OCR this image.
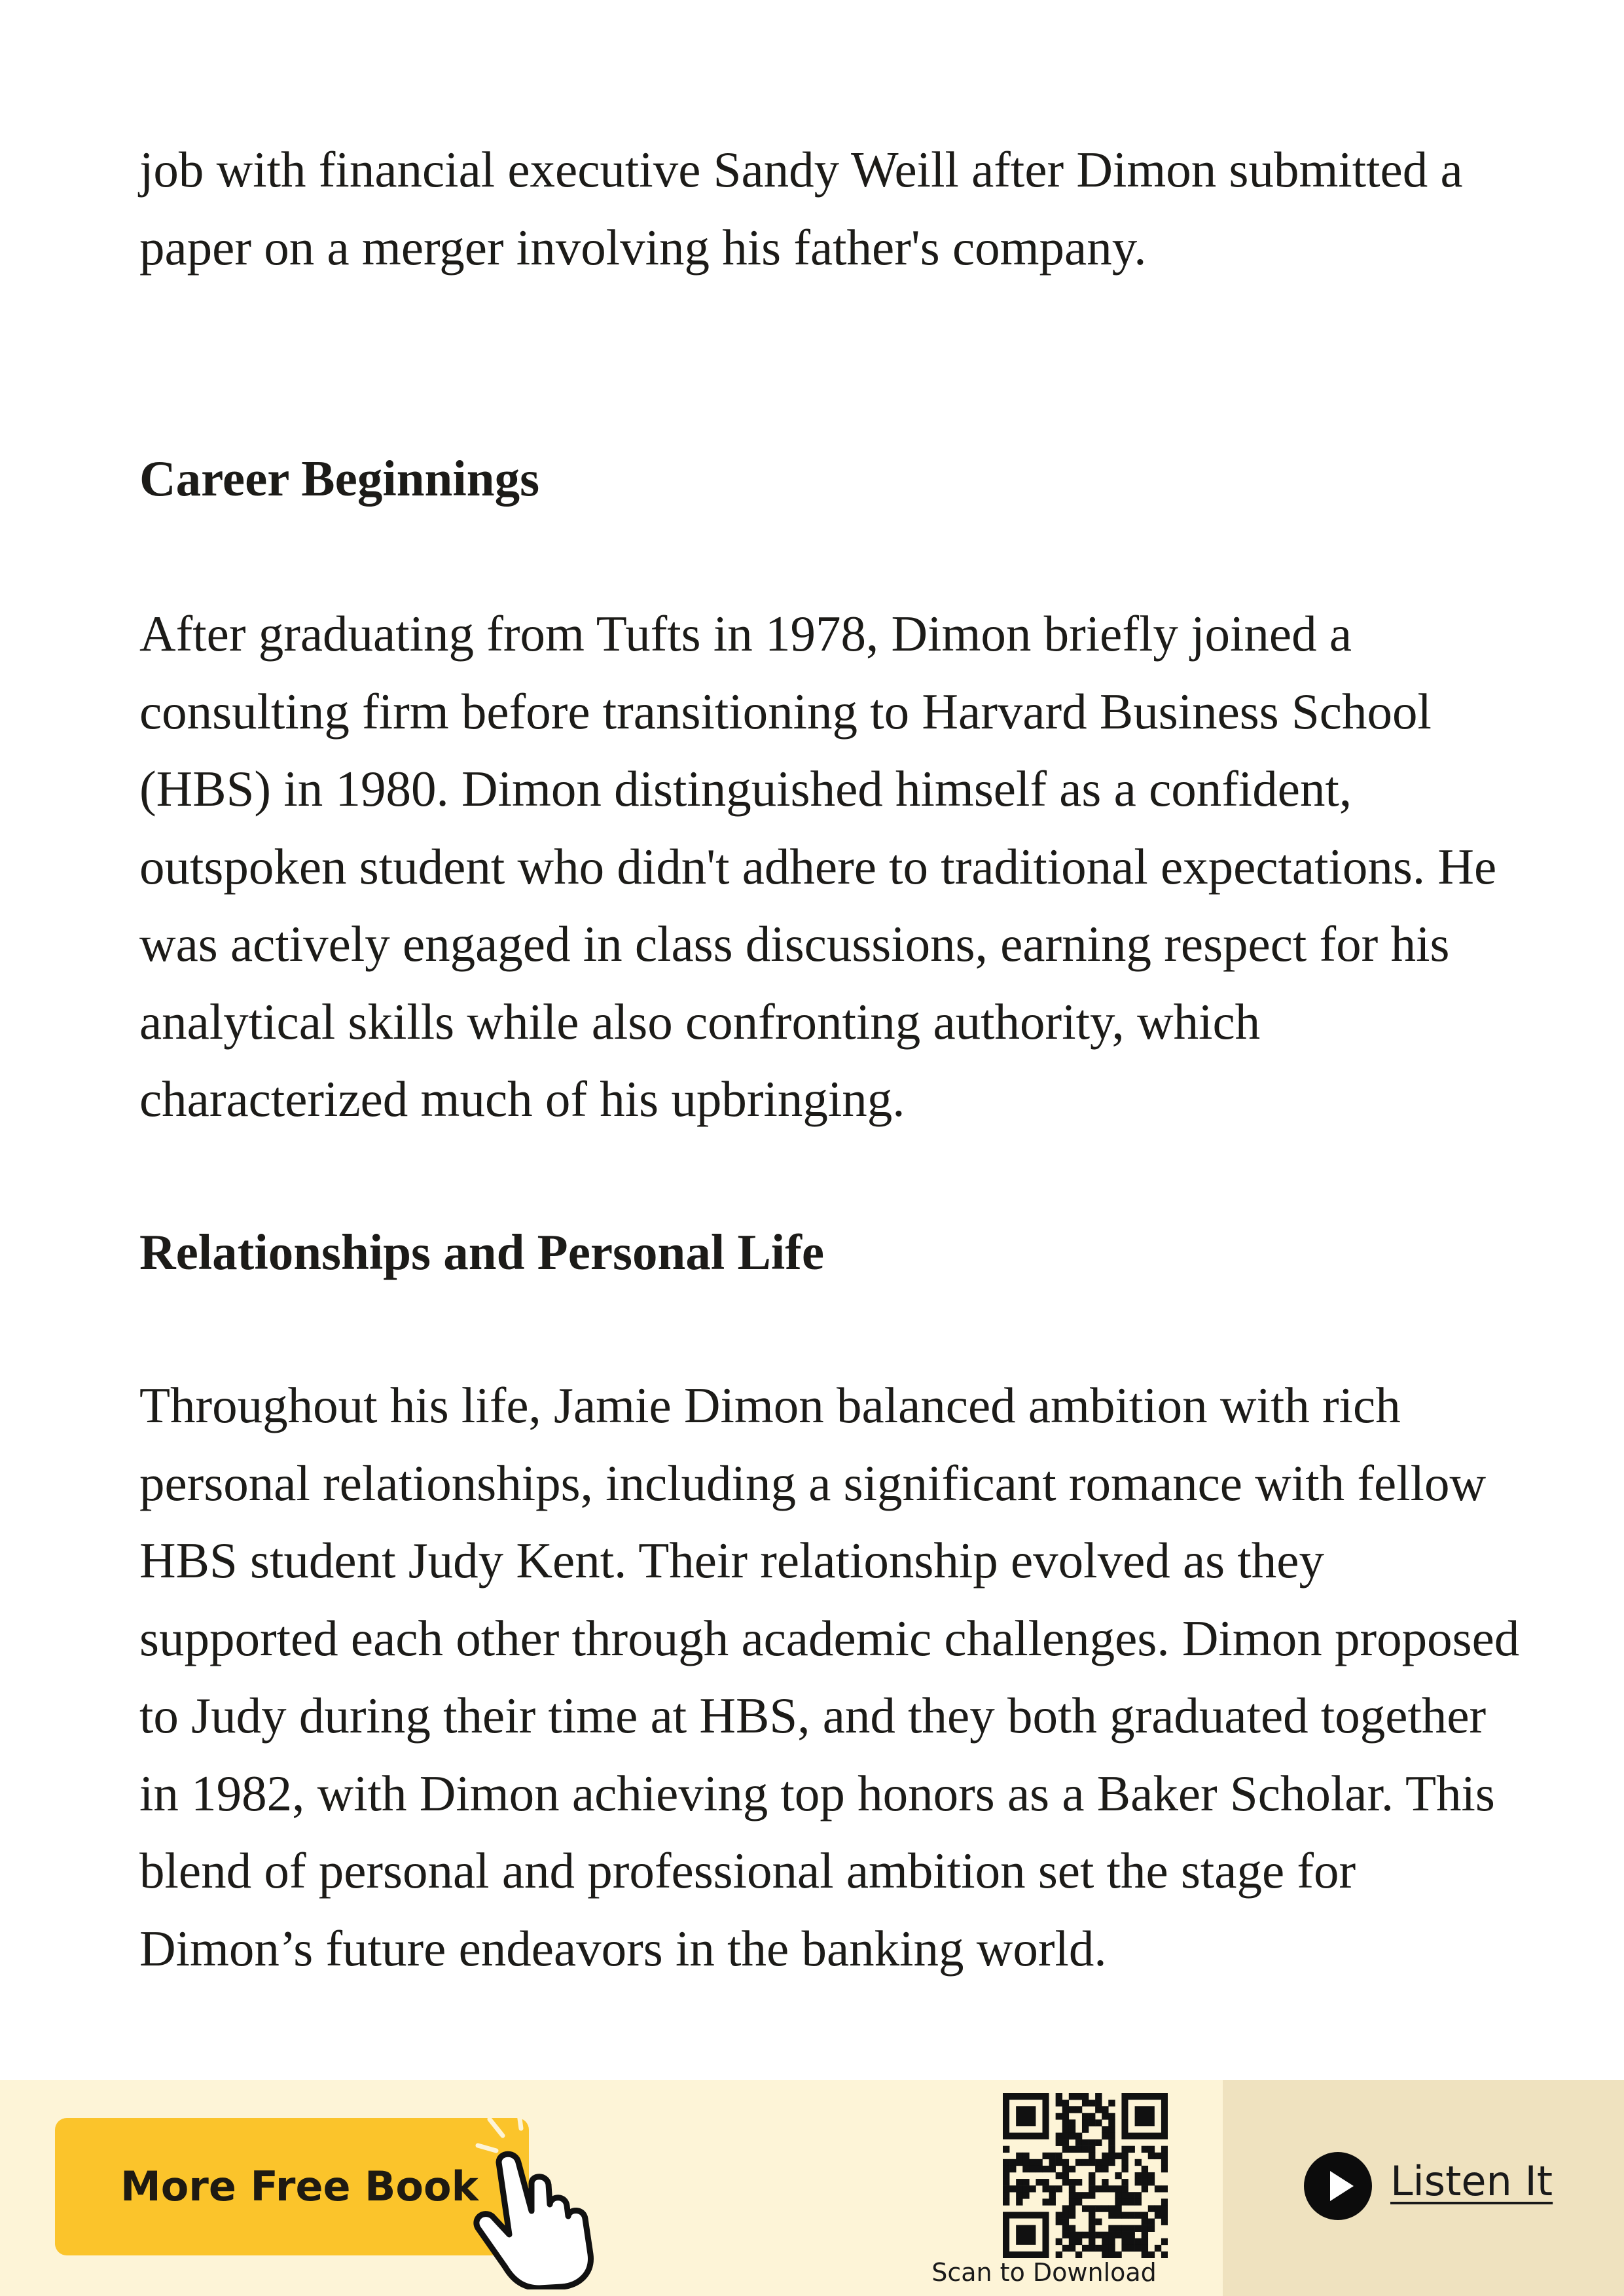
job with financial executive Sandy Weill after Dimon submitted a paper on a merger involving his father's company.

Career Beginnings

After graduating from Tufts in 1978, Dimon briefly joined a consulting firm before transitioning to Harvard Business School (HBS) in 1980. Dimon distinguished himself as a confident, outspoken student who didn't adhere to traditional expectations. He was actively engaged in class discussions, earning respect for his analytical skills while also confronting authority, which characterized much of his upbringing.

Relationships and Personal Life

Throughout his life, Jamie Dimon balanced ambition with rich personal relationships, including a significant romance with fellow HBS student Judy Kent. Their relationship evolved as they supported each other through academic challenges. Dimon proposed to Judy during their time at HBS, and they both graduated together in 1982, with Dimon achieving top honors as a Baker Scholar. This blend of personal and professional ambition set the stage for Dimon’s future endeavors in the banking world.

More Free Book
Scan to Download
Listen It
